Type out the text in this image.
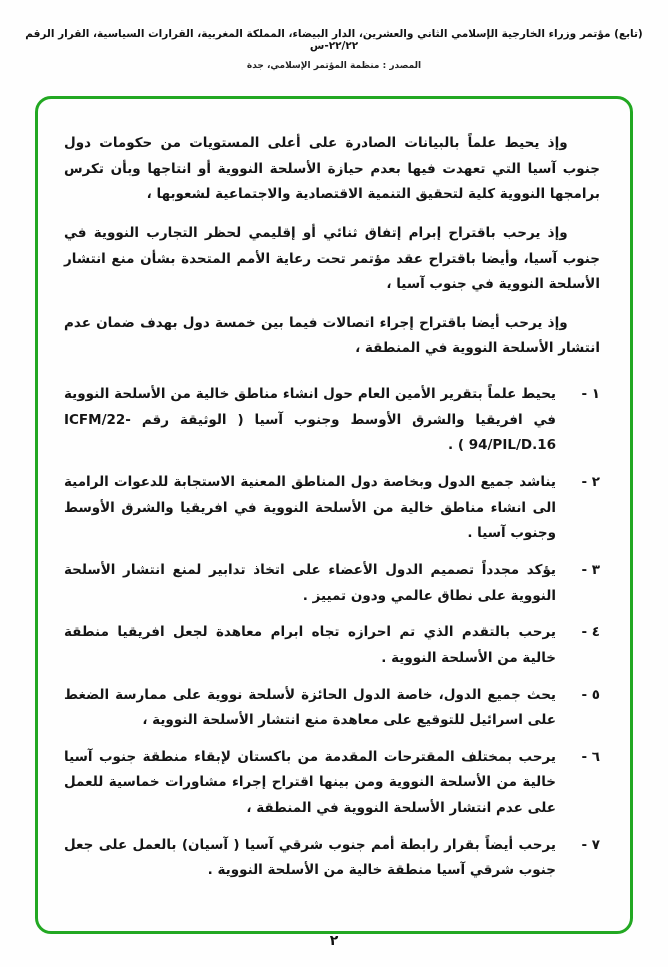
(تابع) مؤتمر وزراء الخارجية الإسلامي الثاني والعشرين، الدار البيضاء، المملكة المغربية، القرارات السياسية، القرار الرقم ٢٢/٢٢-س
المصدر : منظمة المؤتمر الإسلامي، جدة

وإذ يحيط علماً بالبيانات الصادرة على أعلى المستويات من حكومات دول جنوب آسيا التي تعهدت فيها بعدم حيازة الأسلحة النووية أو انتاجها وبأن تكرس برامجها النووية كلية لتحقيق التنمية الاقتصادية والاجتماعية لشعوبها ،

وإذ يرحب باقتراح إبرام إتفاق ثنائي أو إقليمي لحظر التجارب النووية في جنوب آسيا، وأيضا باقتراح عقد مؤتمر تحت رعاية الأمم المتحدة بشأن منع انتشار الأسلحة النووية في جنوب آسيا ،

وإذ يرحب أيضا باقتراح إجراء اتصالات فيما بين خمسة دول بهدف ضمان عدم انتشار الأسلحة النووية في المنطقة ،

١ -

يحيط علماً بتقرير الأمين العام حول انشاء مناطق خالية من الأسلحة النووية في افريقيا والشرق الأوسط وجنوب آسيا ( الوثيقة رقم ICFM/22-94/PIL/D.16 ) .

٢ -

يناشد جميع الدول وبخاصة دول المناطق المعنية الاستجابة للدعوات الرامية الى انشاء مناطق خالية من الأسلحة النووية في افريقيا والشرق الأوسط وجنوب آسيا .

٣ -

يؤكد مجدداً تصميم الدول الأعضاء على اتخاذ تدابير لمنع انتشار الأسلحة النووية على نطاق عالمي ودون تمييز .

٤ -

يرحب بالتقدم الذي تم احرازه تجاه ابرام معاهدة لجعل افريقيا منطقة خالية من الأسلحة النووية .

٥ -

يحث جميع الدول، خاصة الدول الحائزة لأسلحة نووية على ممارسة الضغط على اسرائيل للتوقيع على معاهدة منع انتشار الأسلحة النووية ،

٦ -

يرحب بمختلف المقترحات المقدمة من باكستان لإبقاء منطقة جنوب آسيا خالية من الأسلحة النووية ومن بينها اقتراح إجراء مشاورات خماسية للعمل على عدم انتشار الأسلحة النووية في المنطقة ،

٧ -

يرحب أيضاً بقرار رابطة أمم جنوب شرقي آسيا ( آسيان) بالعمل على جعل جنوب شرقي آسيا منطقة خالية من الأسلحة النووية .

٢
